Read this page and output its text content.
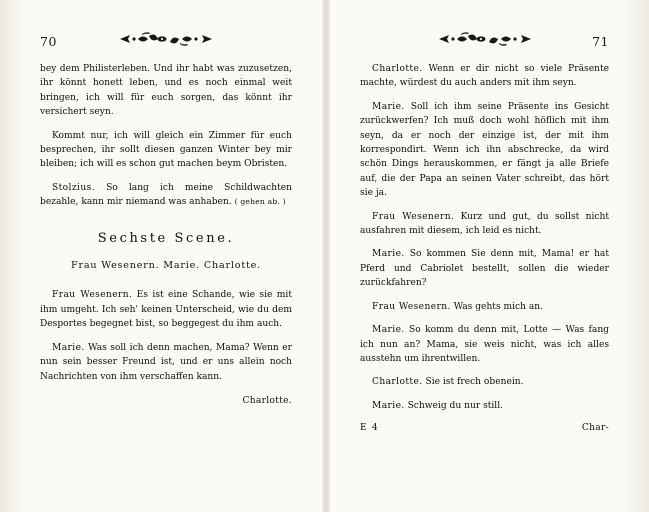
70

bey dem Philisterleben. Und ihr habt was zuzusetzen, ihr könnt honett leben, und es noch einmal weit bringen, ich will für euch sorgen, das könnt ihr versichert seyn.

Kommt nur, ich will gleich ein Zimmer für euch besprechen, ihr sollt diesen ganzen Winter bey mir bleiben; ich will es schon gut machen beym Obristen.

Stolzius. So lang ich meine Schildwachten bezahle, kann mir niemand was anhaben. ( gehen ab. )

Sechste Scene.
Frau Wesenern. Marie. Charlotte.

Frau Wesenern. Es ist eine Schande, wie sie mit ihm umgeht. Ich seh' keinen Unterscheid, wie du dem Desportes begegnet bist, so beggegest du ihm auch.

Marie. Was soll ich denn machen, Mama? Wenn er nun sein besser Freund ist, und er uns allein noch Nachrichten von ihm verschaffen kann.

Charlotte.
71

Charlotte. Wenn er dir nicht so viele Präsente machte, würdest du auch anders mit ihm seyn.

Marie. Soll ich ihm seine Präsente ins Gesicht zurückwerfen? Ich muß doch wohl höflich mit ihm seyn, da er noch der einzige ist, der mit ihm korrespondirt. Wenn ich ihn abschrecke, da wird schön Dings herauskommen, er fängt ja alle Briefe auf, die der Papa an seinen Vater schreibt, das hört sie ja.

Frau Wesenern. Kurz und gut, du sollst nicht ausfahren mit diesem, ich leid es nicht.

Marie. So kommen Sie denn mit, Mama! er hat Pferd und Cabriolet bestellt, sollen die wieder zurückfahren?

Frau Wesenern. Was gehts mich an.

Marie. So komm du denn mit, Lotte — Was fang ich nun an? Mama, sie weis nicht, was ich alles ausstehn um ihrentwillen.

Charlotte. Sie ist frech obenein.

Marie. Schweig du nur still.

E 4	Char-
